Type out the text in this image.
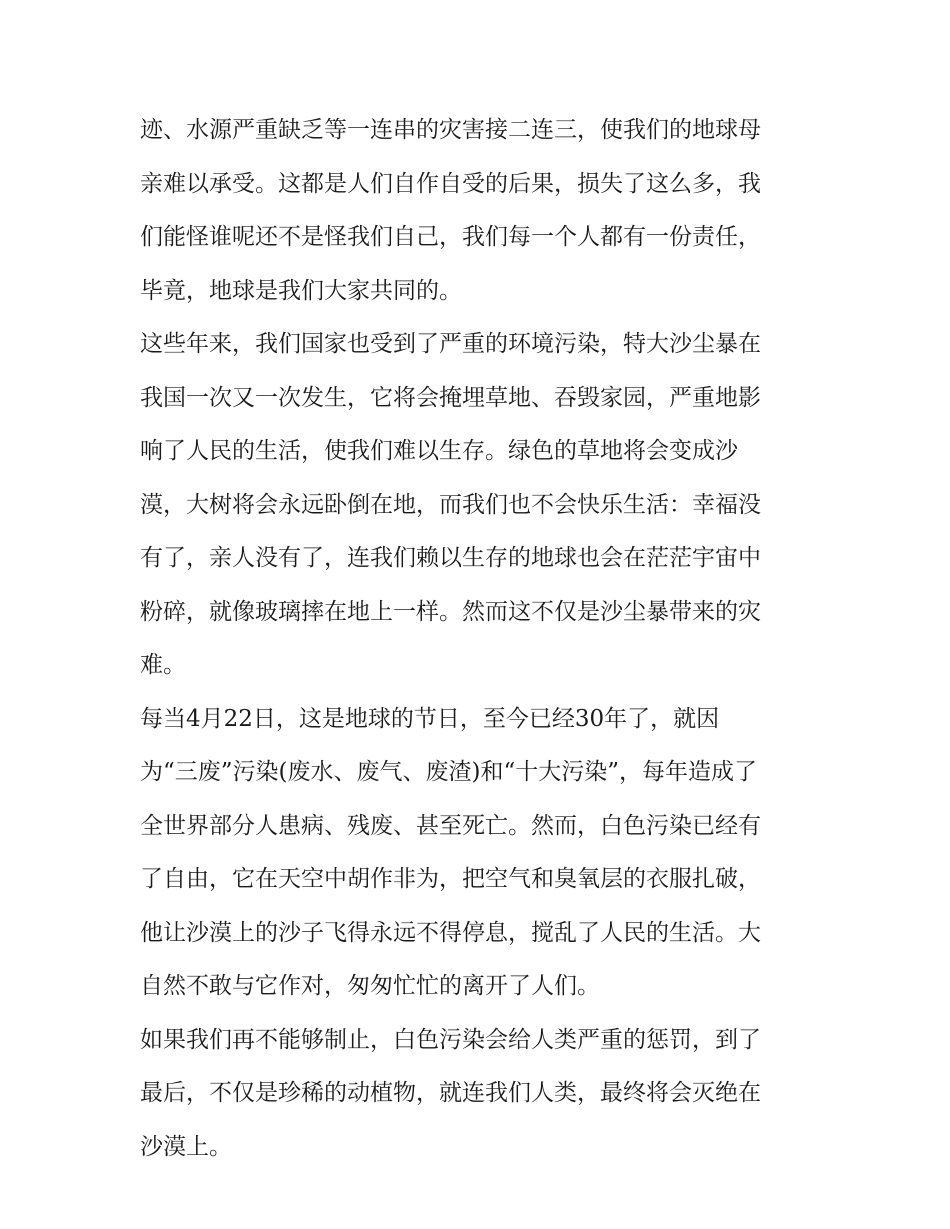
迹、水源严重缺乏等一连串的灾害接二连三，使我们的地球母
亲难以承受。这都是人们自作自受的后果，损失了这么多，我
们能怪谁呢还不是怪我们自己，我们每一个人都有一份责任，
毕竟，地球是我们大家共同的。
这些年来，我们国家也受到了严重的环境污染，特大沙尘暴在
我国一次又一次发生，它将会掩埋草地、吞毁家园，严重地影
响了人民的生活，使我们难以生存。绿色的草地将会变成沙
漠，大树将会永远卧倒在地，而我们也不会快乐生活：幸福没
有了，亲人没有了，连我们赖以生存的地球也会在茫茫宇宙中
粉碎，就像玻璃摔在地上一样。然而这不仅是沙尘暴带来的灾
难。
每当4月22日，这是地球的节日，至今已经30年了，就因
为“三废”污染(废水、废气、废渣)和“十大污染”，每年造成了
全世界部分人患病、残废、甚至死亡。然而，白色污染已经有
了自由，它在天空中胡作非为，把空气和臭氧层的衣服扎破，
他让沙漠上的沙子飞得永远不得停息，搅乱了人民的生活。大
自然不敢与它作对，匆匆忙忙的离开了人们。
如果我们再不能够制止，白色污染会给人类严重的惩罚，到了
最后，不仅是珍稀的动植物，就连我们人类，最终将会灭绝在
沙漠上。
